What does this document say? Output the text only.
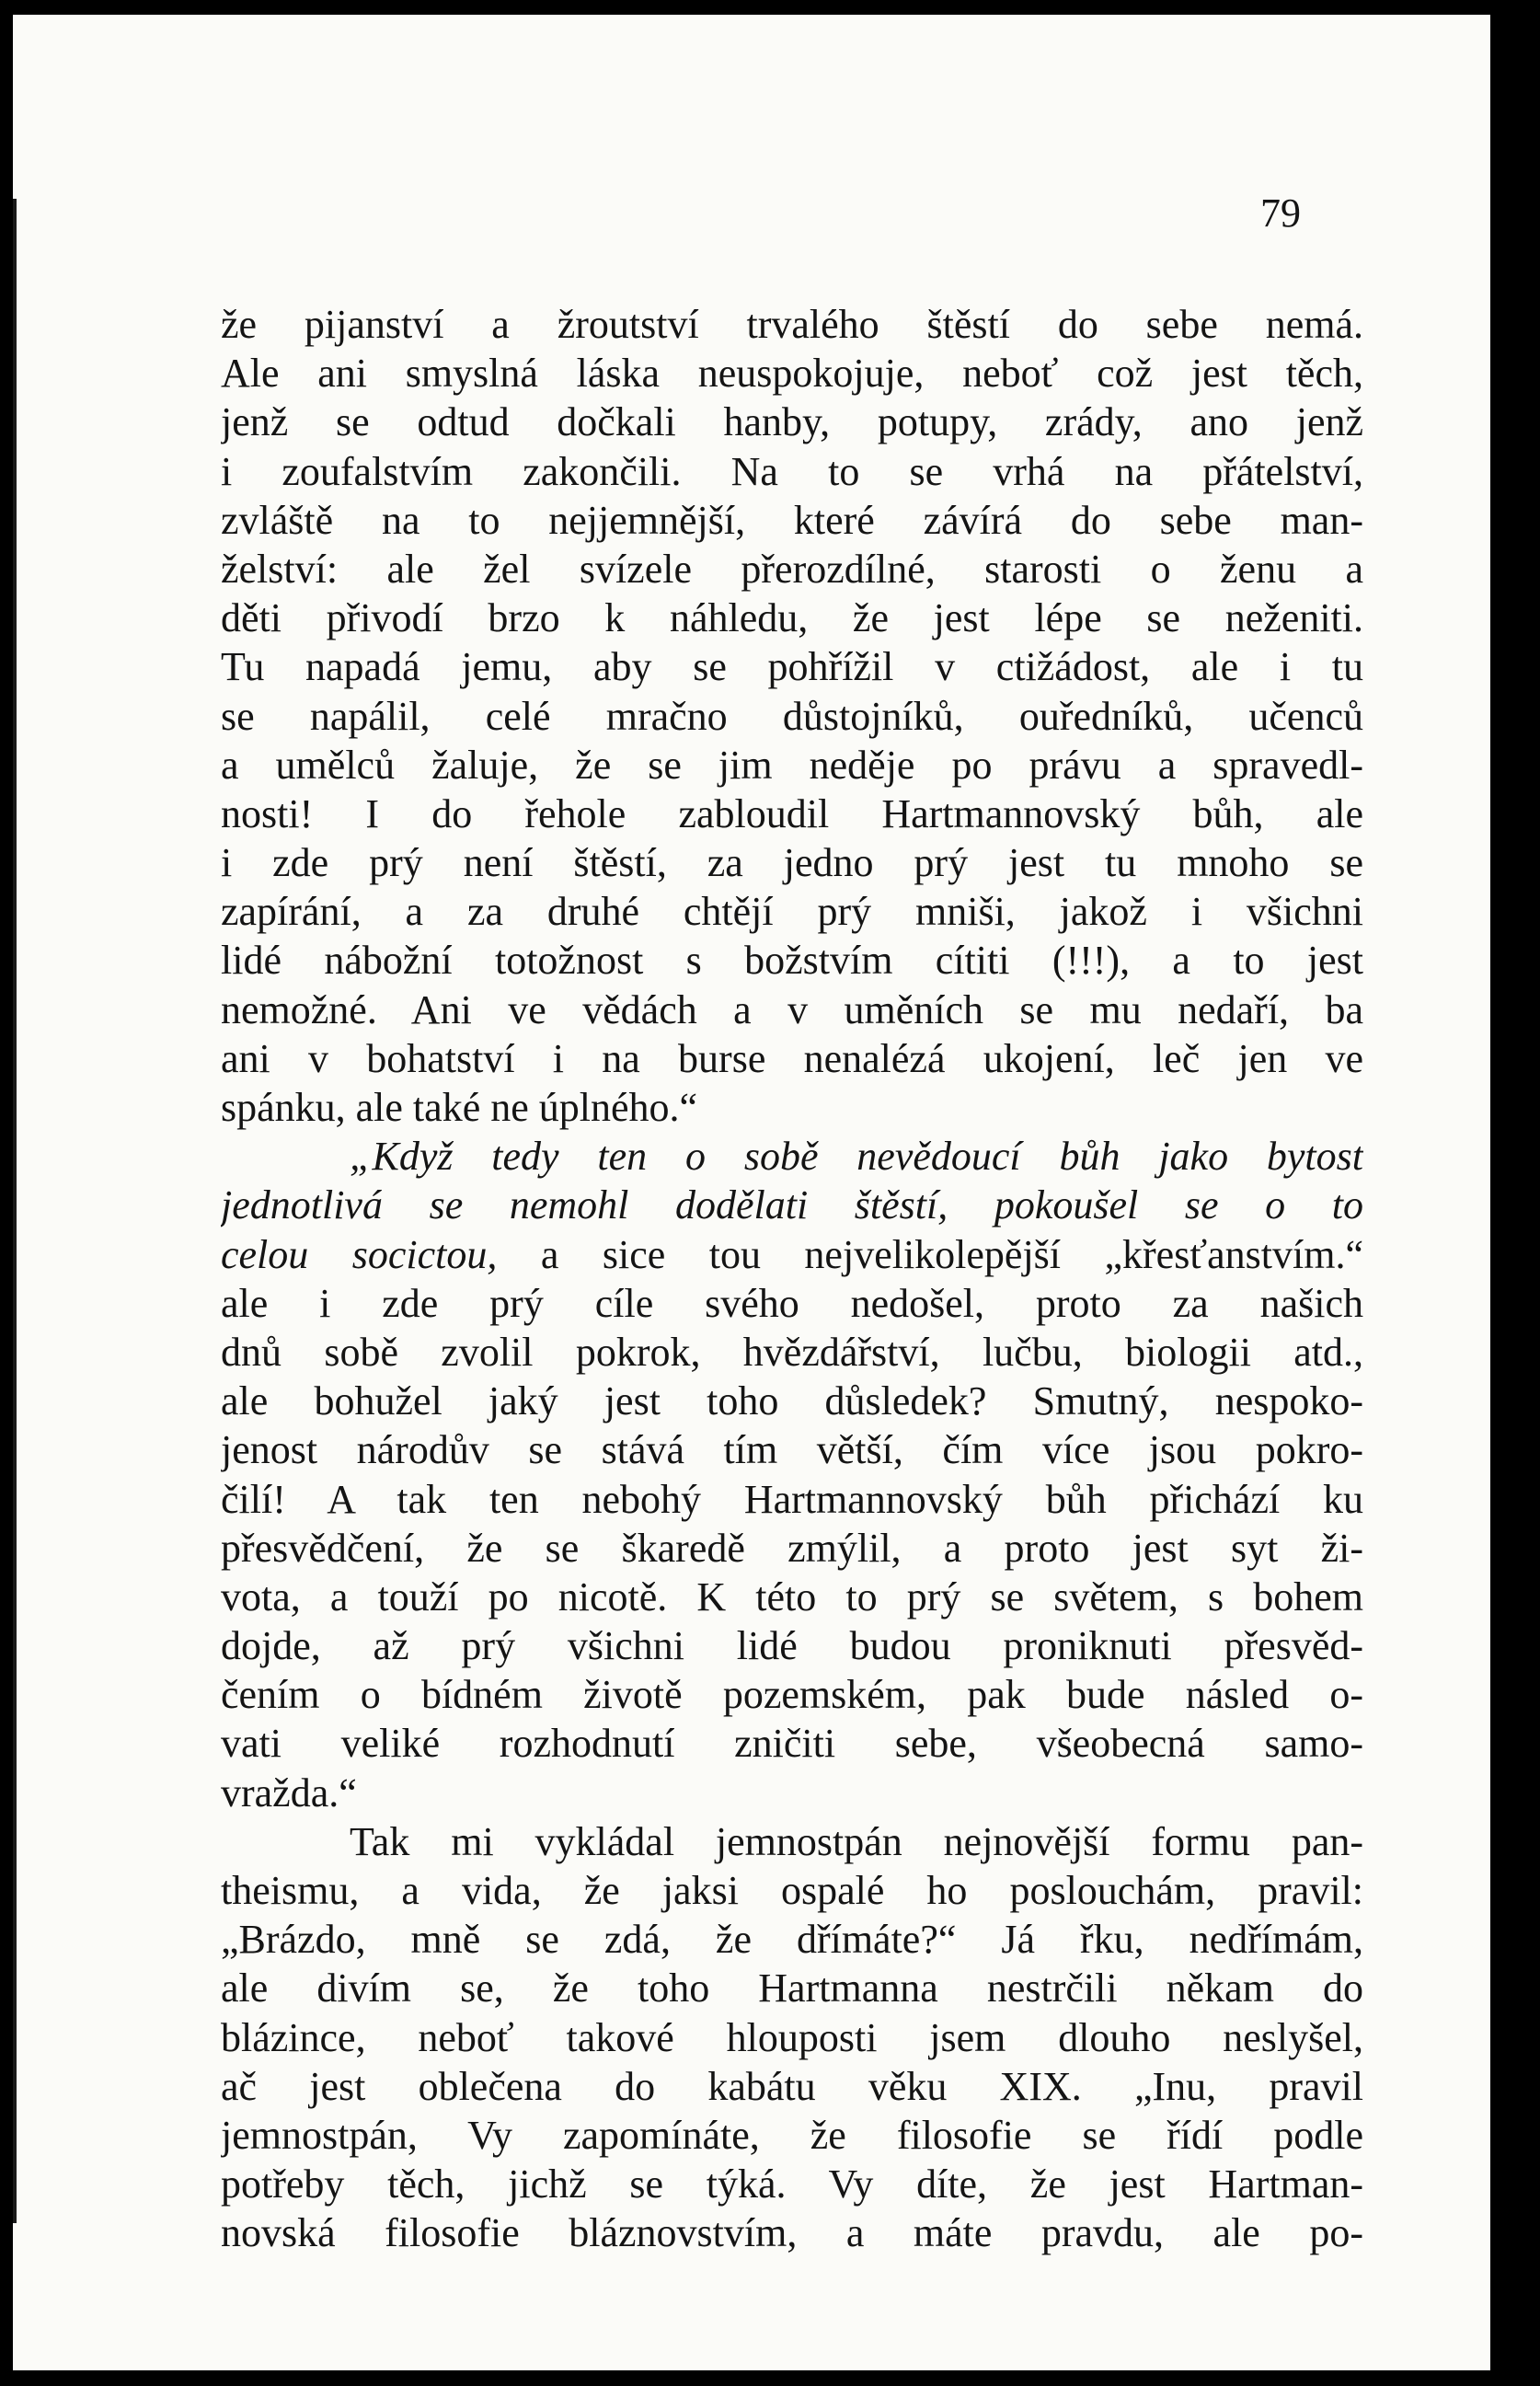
79
že pijanství a žroutství trvalého štěstí do sebe nemá.
Ale ani smyslná láska neuspokojuje, neboť což jest těch,
jenž se odtud dočkali hanby, potupy, zrády, ano jenž
i zoufalstvím zakončili. Na to se vrhá na přátelství,
zvláště na to nejjemnější, které závírá do sebe man-
želství: ale žel svízele přerozdílné, starosti o ženu a
děti přivodí brzo k náhledu, že jest lépe se neženiti.
Tu napadá jemu, aby se pohřížil v ctižádost, ale i tu
se napálil, celé mračno důstojníků, ouředníků, učenců
a umělců žaluje, že se jim neděje po právu a spravedl-
nosti! I do řehole zabloudil Hartmannovský bůh, ale
i zde prý není štěstí, za jedno prý jest tu mnoho se
zapírání, a za druhé chtějí prý mniši, jakož i všichni
lidé nábožní totožnost s božstvím cítiti (!!!), a to jest
nemožné. Ani ve vědách a v uměních se mu nedaří, ba
ani v bohatství i na burse nenalézá ukojení, leč jen ve
spánku, ale také ne úplného.“
„Když tedy ten o sobě nevědoucí bůh jako bytost
jednotlivá se nemohl dodělati štěstí, pokoušel se o to
celou socictou, a sice tou nejvelikolepější „křesťanstvím.“
ale i zde prý cíle svého nedošel, proto za našich
dnů sobě zvolil pokrok, hvězdářství, lučbu, biologii atd.,
ale bohužel jaký jest toho důsledek? Smutný, nespoko-
jenost národův se stává tím větší, čím více jsou pokro-
čilí! A tak ten nebohý Hartmannovský bůh přichází ku
přesvědčení, že se škaredě zmýlil, a proto jest syt ži-
vota, a touží po nicotě. K této to prý se světem, s bohem
dojde, až prý všichni lidé budou proniknuti přesvěd-
čením o bídném životě pozemském, pak bude násled o-
vati veliké rozhodnutí zničiti sebe, všeobecná samo-
vražda.“
Tak mi vykládal jemnostpán nejnovější formu pan-
theismu, a vida, že jaksi ospalé ho poslouchám, pravil:
„Brázdo, mně se zdá, že dřímáte?“ Já řku, nedřímám,
ale divím se, že toho Hartmanna nestrčili někam do
blázince, neboť takové hlouposti jsem dlouho neslyšel,
ač jest oblečena do kabátu věku XIX. „Inu, pravil
jemnostpán, Vy zapomínáte, že filosofie se řídí podle
potřeby těch, jichž se týká. Vy díte, že jest Hartman-
novská filosofie bláznovstvím, a máte pravdu, ale po-
